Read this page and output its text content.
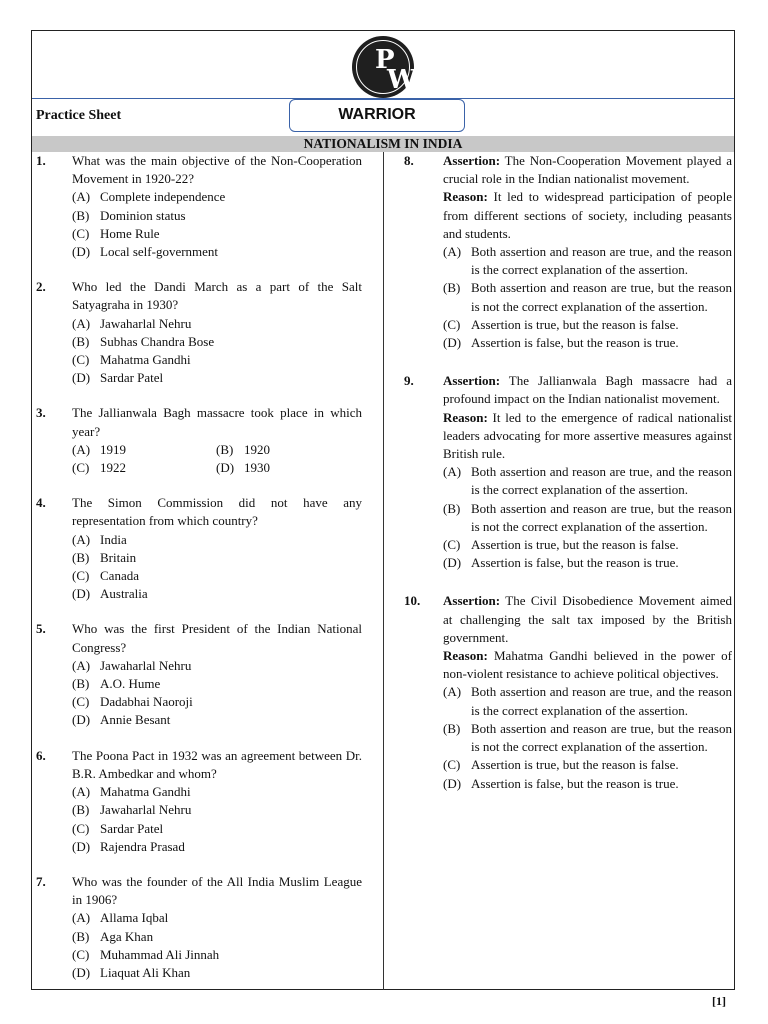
P
W
Practice Sheet	WARRIOR
NATIONALISM IN INDIA
1. What was the main objective of the Non-Cooperation Movement in 1920-22?
(A) Complete independence
(B) Dominion status
(C) Home Rule
(D) Local self-government
2. Who led the Dandi March as a part of the Salt Satyagraha in 1930?
(A) Jawaharlal Nehru
(B) Subhas Chandra Bose
(C) Mahatma Gandhi
(D) Sardar Patel
3. The Jallianwala Bagh massacre took place in which year?
(A) 1919	(B) 1920
(C) 1922	(D) 1930
4. The Simon Commission did not have any representation from which country?
(A) India
(B) Britain
(C) Canada
(D) Australia
5. Who was the first President of the Indian National Congress?
(A) Jawaharlal Nehru
(B) A.O. Hume
(C) Dadabhai Naoroji
(D) Annie Besant
6. The Poona Pact in 1932 was an agreement between Dr. B.R. Ambedkar and whom?
(A) Mahatma Gandhi
(B) Jawaharlal Nehru
(C) Sardar Patel
(D) Rajendra Prasad
7. Who was the founder of the All India Muslim League in 1906?
(A) Allama Iqbal
(B) Aga Khan
(C) Muhammad Ali Jinnah
(D) Liaquat Ali Khan
8. Assertion: The Non-Cooperation Movement played a crucial role in the Indian nationalist movement.
Reason: It led to widespread participation of people from different sections of society, including peasants and students.
(A) Both assertion and reason are true, and the reason is the correct explanation of the assertion.
(B) Both assertion and reason are true, but the reason is not the correct explanation of the assertion.
(C) Assertion is true, but the reason is false.
(D) Assertion is false, but the reason is true.
9. Assertion: The Jallianwala Bagh massacre had a profound impact on the Indian nationalist movement.
Reason: It led to the emergence of radical nationalist leaders advocating for more assertive measures against British rule.
(A) Both assertion and reason are true, and the reason is the correct explanation of the assertion.
(B) Both assertion and reason are true, but the reason is not the correct explanation of the assertion.
(C) Assertion is true, but the reason is false.
(D) Assertion is false, but the reason is true.
10. Assertion: The Civil Disobedience Movement aimed at challenging the salt tax imposed by the British government.
Reason: Mahatma Gandhi believed in the power of non-violent resistance to achieve political objectives.
(A) Both assertion and reason are true, and the reason is the correct explanation of the assertion.
(B) Both assertion and reason are true, but the reason is not the correct explanation of the assertion.
(C) Assertion is true, but the reason is false.
(D) Assertion is false, but the reason is true.
[1]
